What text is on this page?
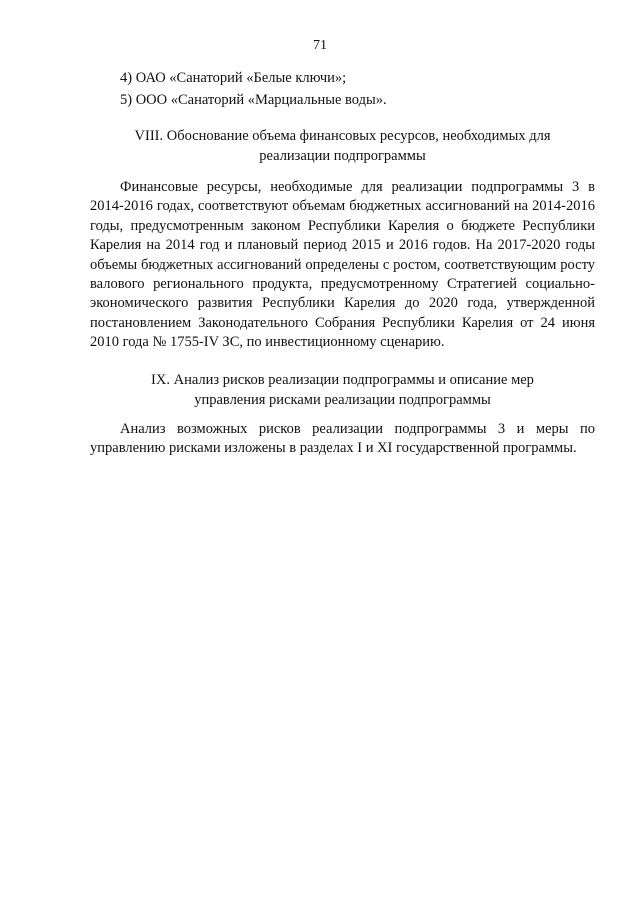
71
4) ОАО «Санаторий «Белые ключи»;
5) ООО «Санаторий «Марциальные воды».
VIII. Обоснование объема финансовых ресурсов, необходимых для
реализации подпрограммы
Финансовые ресурсы, необходимые для реализации подпрограммы 3 в 2014-2016 годах, соответствуют объемам бюджетных ассигнований на 2014-2016 годы, предусмотренным законом Республики Карелия о бюджете Республики Карелия на 2014 год и плановый период 2015 и 2016 годов. На 2017-2020 годы объемы бюджетных ассигнований определены с ростом, соответствующим росту валового регионального продукта, предусмотренному Стратегией социально-экономического развития Республики Карелия до 2020 года, утвержденной постановлением Законодательного Собрания Республики Карелия от 24 июня 2010 года № 1755-IV ЗС, по инвестиционному сценарию.
IX. Анализ рисков реализации подпрограммы и описание мер
управления рисками реализации подпрограммы
Анализ возможных рисков реализации подпрограммы 3 и меры по управлению рисками изложены в разделах I и XI государственной программы.
